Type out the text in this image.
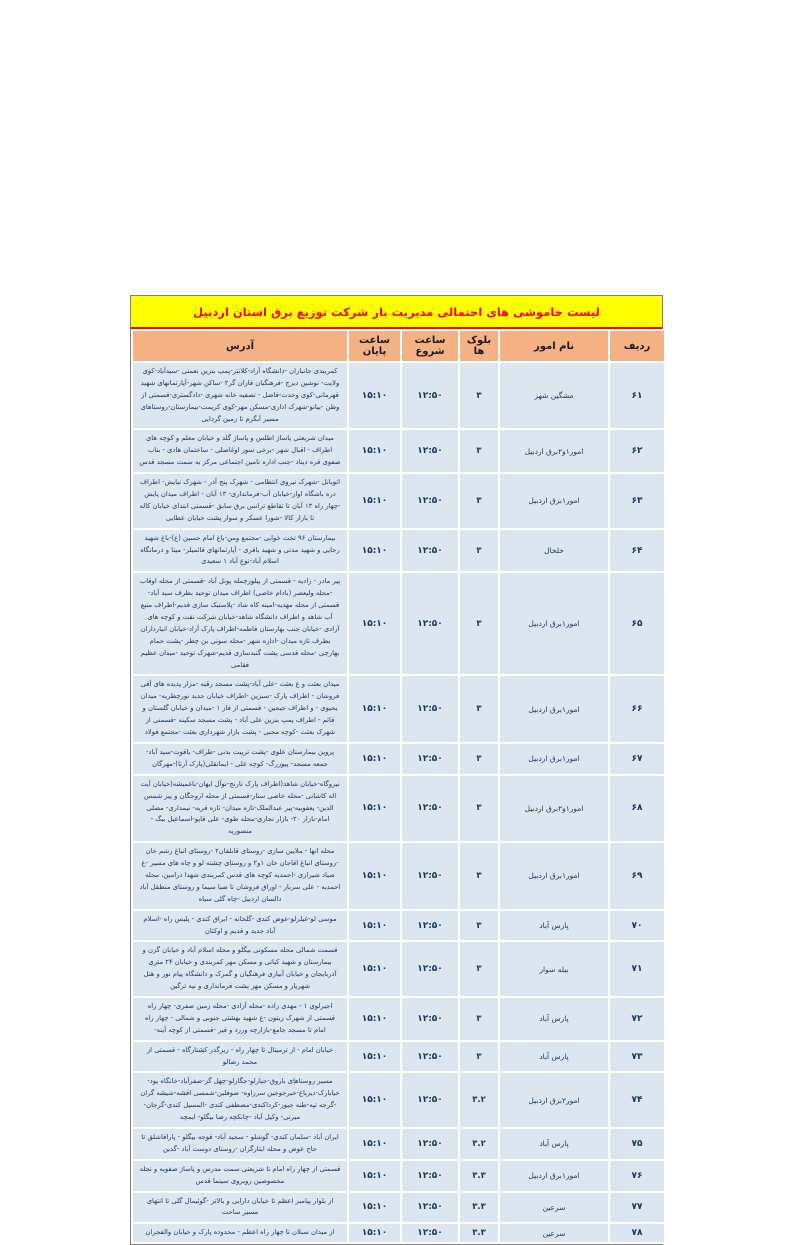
لیست خاموشی های احتمالی مدیریت بار شرکت توزیع برق استان اردبیل
ردیف	نام امور	بلوک ها	ساعت شروع	ساعت پایان	آدرس
۶۱	مشگین شهر	۳	۱۲:۵۰	۱۵:۱۰	کمربندی جانبازان -دانشگاه آزاد-کلانتر-پمپ بنزین نعمتی -سیدآباد-کوی ولایت- نوشین دیزج -فرهنگیان قازان گر۲ -ساکن شهر-آپارتمانهای شهید قهرمانی-کوی وحدت-فاضل - تصفیه خانه شهری -دادگستری-قسمتی از وطن -بیانو-شهرک اداری-مسکن مهر-کوی کریمت-بیمارستان-روستاهای مسیر آبگرم تا زمین گردایی
۶۲	امور۱و۲برق اردبیل	۳	۱۲:۵۰	۱۵:۱۰	میدان شریعتی پاساژ اطلس و پاساژ گلد و خیابان معلم و کوچه های اطراف - اقبال شهر -برخی سوز اوغاصلی - ساختمان هادی - بناب صفوی قره دیناد -جنب اداره تامین اجتماعی مرکز به سمت مسجد قدس
۶۳	امور۱برق اردبیل	۳	۱۲:۵۰	۱۵:۱۰	اتوبانل -شهرک نیروی انتظامی - شهرک پنج آذر - شهرک نیایش- اطراف دره باشگاه اواز-خیابان آب-فرمانداری- ۱۳ آبان - اطراف میدان پایش -چهار راه ۱۳ آبان تا تقاطع ترانس برق سابق -قسمتی ابتدای خیابان کاله تا بازار کالا -شورا عسکر و سوار پشت خیابان عطایی
۶۴	خلخال	۳	۱۲:۵۰	۱۵:۱۰	بیمارستان ۹۶ تخت خوابی -مجتمع ومن-باغ امام حسین (ع)-باغ شهید رجایی و شهید مدنی و شهید باقری - آپارتمانهای قائمیلر- مینا و درمانگاه اسلام آباد-نوع آباد ۱ سعیدی
۶۵	امور۱برق اردبیل	۳	۱۲:۵۰	۱۵:۱۰	پیر مادر - رادیه - قسمتی از پیلوزچمله پونل آباد -قسمتی از محله اوقاب -محله ولیعصر (بادام خاصی) اطراف میدان توحید بطرف سید آباد-قسمتی از محله مهدیه-امینه کاه شاد -پلاستیک سازی قدیم-اطراف منبع آب شاهد و اطراف دانشگاه شاهد-خیابان شرکت نفت و کوچه های آزادی -خیابان جنب بهارستان فاطمه-اطراف پارک آزاد-خیابان انبارداران بطرف تازه میدان -اداره شهر -محله سونی بن چطر -پشت حمام بهارچی -محله قدسی پشت گنبدسازی قدیم-شهرک توحید -میدان عظیم فقامی
۶۶	امور۱برق اردبیل	۳	۱۲:۵۰	۱۵:۱۰	میدان بعثت و ع بعثت -علی آباد-پشت مسجد رقیه -مزار پدیده های آقی فروشان - اطراف پارک -سبزین -اطراف خیابان جدید نورچطریه- میدان یحیوی - و اطراف جیجین - قسمتی از فاز ۱ -میدان و خیابان گلستان و قائم - اطراف پمپ بنزین علی آباد - پشت مسجد سکینه -قسمتی از شهرک بعثت -کوچه محبی - پشت بازار شهرداری بعثت -مجتمع فولاد
۶۷	امور۱برق اردبیل	۳	۱۲:۵۰	۱۵:۱۰	پروین بیمارستان علوی -پشت تربیت بدنی -طراف- یاقوت-سید آباد- جمعه مسجد- پیوزرگ- کوچه علی - ایمانقلی(پارک آرتا)-مهرگان
۶۸	امور۱و۲برق اردبیل	۳	۱۲:۵۰	۱۵:۱۰	نیروگاه-خیابان شاهد(اطراف پارک نارنج-نوآل ایهان-باغمیشه(خیابان آیت اله کاشانی -محله خاصی ستار-قسمتی از محله اروجگان و پیر شمس الدین- یعقوبیه-پیر عبدالملک-تازه میدان- تازه قریه- نیمداری- مصلی امام-بازار ۲۰- بازار نجاری-محله طوی- علی قاپو-اسماعیل بیگ - منصوریه
۶۹	امور۱برق اردبیل	۳	۱۲:۵۰	۱۵:۱۰	محله انها - ملایین سازی -روستای قابلقان۲ -روستای انباغ رشم خان -روستای انباغ اقاجان خان ۱و۲ و روستای چشته لو و چاه های مسیر -ع صیاد شیرازی -احمدیه کوچه های قدس کمربندی شهدا درامین، محله احمدیه - علی سرباز - اوراق فروشان تا صبا سیما و روستای منطقل آباد دالسان اردبیل -چاه گلی سیاه
۷۰	پارس آباد	۳	۱۲:۵۰	۱۵:۱۰	موسی لو-غیلرلو-عوض کندی -گلخانه - ایراق کندی - پلیس راه -اسلام آباد جدید و قدیم و اوکتان
۷۱	بیله سوار	۳	۱۲:۵۰	۱۵:۱۰	قسمت شمالی محله مسکونی بیگلو و محله اسلام آباد و خیابان گزن و بیمارستان و شهید کیانی و مسکن مهر کمربندی و خیابان ۲۴ متری آذربایجان و خیابان آبیاری فرهنگیان و گمرک و دانشگاه پیام نور و هتل شهریار و مسکن مهر پشت فرمانداری و نیه ترگین
۷۲	پارس آباد	۳	۱۲:۵۰	۱۵:۱۰	اجیرلوی ۱ - مهدی زاده -محله آزادی -محله زمین صفری- چهار راه قسمتی از شهرک زیتون -ع شهید بهشتی جنوبی و شمالی - چهار راه امام تا مسجد جامع-بازارچه ورزد و قیر -قسمتی از کوچه آینه-
۷۳	پارس آباد	۳	۱۲:۵۰	۱۵:۱۰	خیابان امام - از ترمینال تا چهار راه - زیرگذر کشتارگاه - قسمتی از محمد رضالو
۷۴	امور۲برق اردبیل	۳.۲	۱۲:۵۰	۱۵:۱۰	مسیر روستاهای باروق-جبارلو-جگارلو-چهل گز-صفرآباد-خانگاه پود-خیابارک-دیزباغ-خیرجوجین سرزاوه- صوفلین-شمسی افشه-شیشه گران -گرجه تپه-طنه جیوز-کرداکندی-مصطفی کندی -المسیل کندی-گرجان-میرنی- وکیل آباد -چانکچه رضا بیگلو- ایمچه
۷۵	پارس آباد	۳.۲	۱۲:۵۰	۱۵:۱۰	ایران آباد -سلمان کندی- گوشلو - سجید آباد- قوجه بیگلو - پاراقاشلق تا حاج عوض و محله ایثارگران -روستای دوست آباد -گدین
۷۶	امور۱برق اردبیل	۳.۳	۱۲:۵۰	۱۵:۱۰	قسمتی از چهار راه امام تا شریعتی سمت مدرس و پاساژ صفویه و نجله مخصوصین روبروی سینما قدس
۷۷	سرعین	۳.۳	۱۲:۵۰	۱۵:۱۰	از بلوار پیامبر اعظم تا خیابان دارایی و بالاتر -گوئیمال گلی تا انتهای مسیر ساحت
۷۸	سرعین	۳.۳	۱۲:۵۰	۱۵:۱۰	از میدان سبلان تا چهار راه اعظم - محدوده پارک و خیابان والفجران
